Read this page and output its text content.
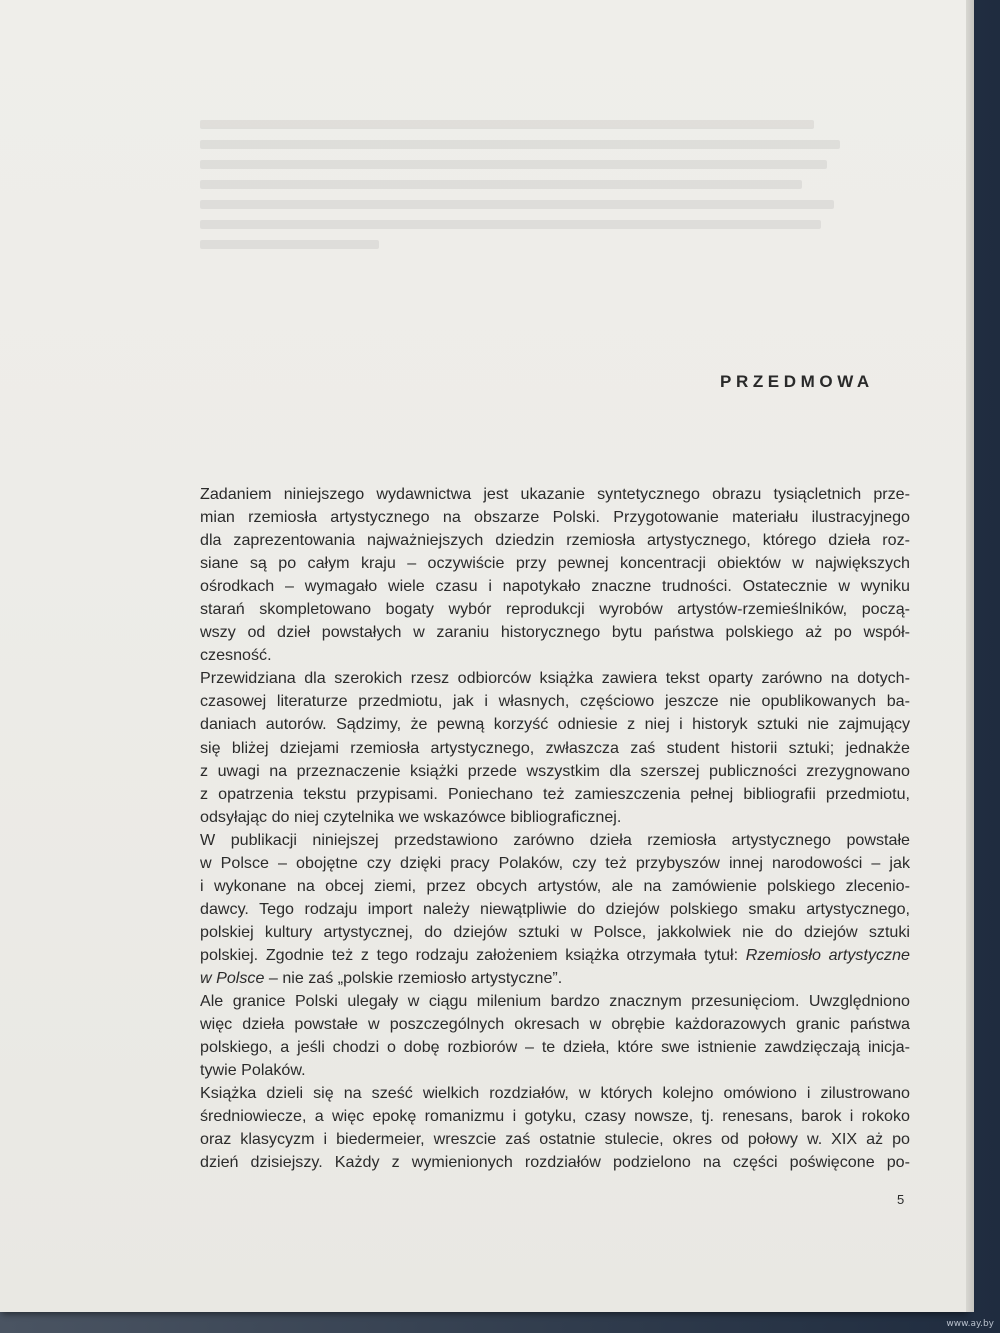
PRZEDMOWA
Zadaniem niniejszego wydawnictwa jest ukazanie syntetycznego obrazu tysiącletnich prze-
mian rzemiosła artystycznego na obszarze Polski. Przygotowanie materiału ilustracyjnego
dla zaprezentowania najważniejszych dziedzin rzemiosła artystycznego, którego dzieła roz-
siane są po całym kraju – oczywiście przy pewnej koncentracji obiektów w największych
ośrodkach – wymagało wiele czasu i napotykało znaczne trudności. Ostatecznie w wyniku
starań skompletowano bogaty wybór reprodukcji wyrobów artystów-rzemieślników, począ-
wszy od dzieł powstałych w zaraniu historycznego bytu państwa polskiego aż po współ-
czesność.
Przewidziana dla szerokich rzesz odbiorców książka zawiera tekst oparty zarówno na dotych-
czasowej literaturze przedmiotu, jak i własnych, częściowo jeszcze nie opublikowanych ba-
daniach autorów. Sądzimy, że pewną korzyść odniesie z niej i historyk sztuki nie zajmujący
się bliżej dziejami rzemiosła artystycznego, zwłaszcza zaś student historii sztuki; jednakże
z uwagi na przeznaczenie książki przede wszystkim dla szerszej publiczności zrezygnowano
z opatrzenia tekstu przypisami. Poniechano też zamieszczenia pełnej bibliografii przedmiotu,
odsyłając do niej czytelnika we wskazówce bibliograficznej.
W publikacji niniejszej przedstawiono zarówno dzieła rzemiosła artystycznego powstałe
w Polsce – obojętne czy dzięki pracy Polaków, czy też przybyszów innej narodowości – jak
i wykonane na obcej ziemi, przez obcych artystów, ale na zamówienie polskiego zlecenio-
dawcy. Tego rodzaju import należy niewątpliwie do dziejów polskiego smaku artystycznego,
polskiej kultury artystycznej, do dziejów sztuki w Polsce, jakkolwiek nie do dziejów sztuki
polskiej. Zgodnie też z tego rodzaju założeniem książka otrzymała tytuł: Rzemiosło artystyczne
w Polsce – nie zaś „polskie rzemiosło artystyczne”.
Ale granice Polski ulegały w ciągu milenium bardzo znacznym przesunięciom. Uwzględniono
więc dzieła powstałe w poszczególnych okresach w obrębie każdorazowych granic państwa
polskiego, a jeśli chodzi o dobę rozbiorów – te dzieła, które swe istnienie zawdzięczają inicja-
tywie Polaków.
Książka dzieli się na sześć wielkich rozdziałów, w których kolejno omówiono i zilustrowano
średniowiecze, a więc epokę romanizmu i gotyku, czasy nowsze, tj. renesans, barok i rokoko
oraz klasycyzm i biedermeier, wreszcie zaś ostatnie stulecie, okres od połowy w. XIX aż po
dzień dzisiejszy. Każdy z wymienionych rozdziałów podzielono na części poświęcone po-
5
www.ay.by
